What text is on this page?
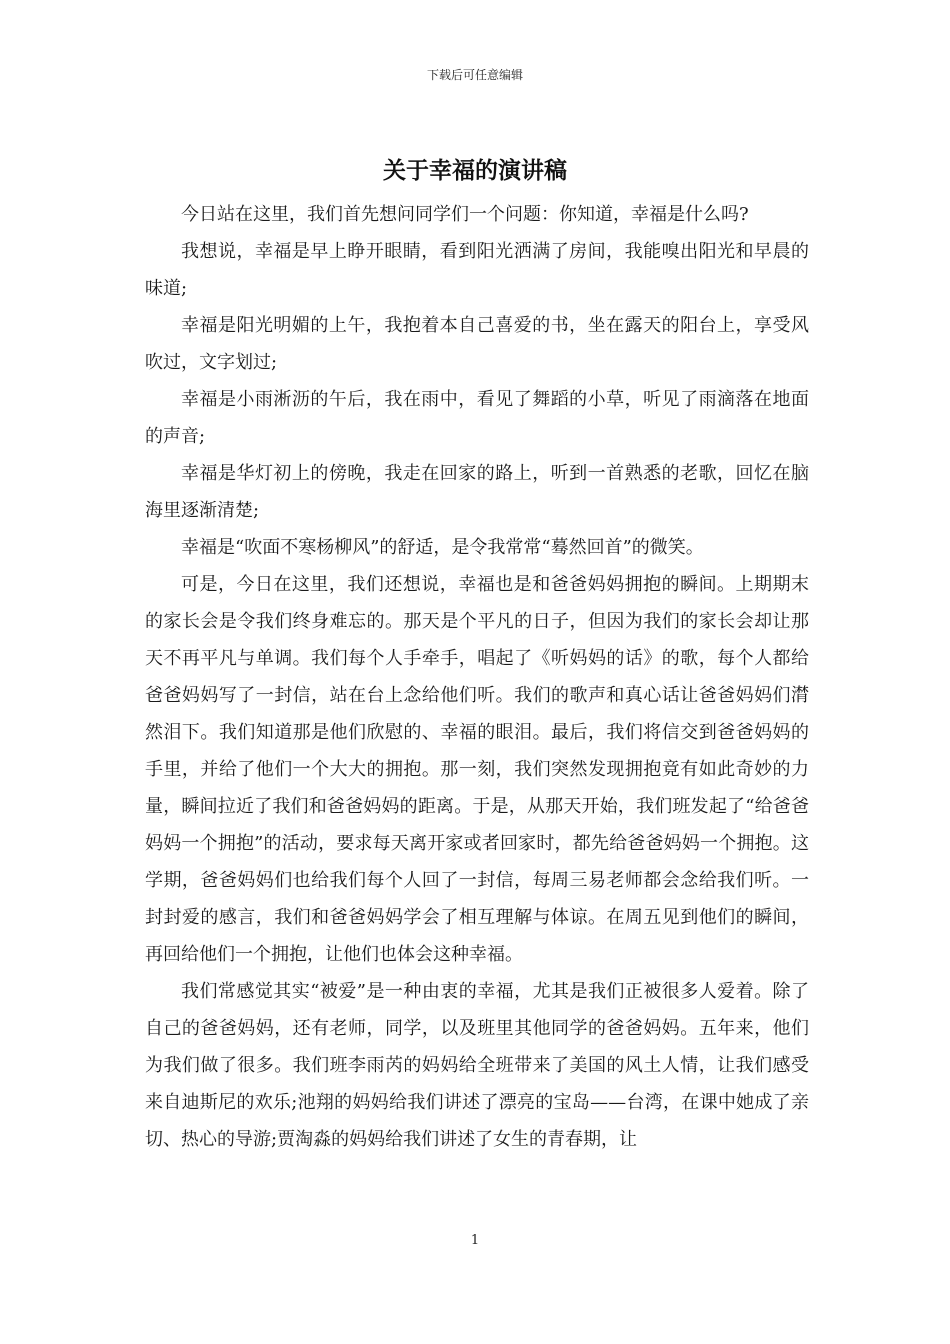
下载后可任意编辑
关于幸福的演讲稿

今日站在这里，我们首先想问同学们一个问题：你知道，幸福是什么吗?

我想说，幸福是早上睁开眼睛，看到阳光洒满了房间，我能嗅出阳光和早晨的味道;

幸福是阳光明媚的上午，我抱着本自己喜爱的书，坐在露天的阳台上，享受风吹过，文字划过;

幸福是小雨淅沥的午后，我在雨中，看见了舞蹈的小草，听见了雨滴落在地面的声音;

幸福是华灯初上的傍晚，我走在回家的路上，听到一首熟悉的老歌，回忆在脑海里逐渐清楚;

幸福是“吹面不寒杨柳风”的舒适，是令我常常“蓦然回首”的微笑。

可是，今日在这里，我们还想说，幸福也是和爸爸妈妈拥抱的瞬间。上期期末的家长会是令我们终身难忘的。那天是个平凡的日子，但因为我们的家长会却让那天不再平凡与单调。我们每个人手牵手，唱起了《听妈妈的话》的歌，每个人都给爸爸妈妈写了一封信，站在台上念给他们听。我们的歌声和真心话让爸爸妈妈们潸然泪下。我们知道那是他们欣慰的、幸福的眼泪。最后，我们将信交到爸爸妈妈的手里，并给了他们一个大大的拥抱。那一刻，我们突然发现拥抱竟有如此奇妙的力量，瞬间拉近了我们和爸爸妈妈的距离。于是，从那天开始，我们班发起了“给爸爸妈妈一个拥抱”的活动，要求每天离开家或者回家时，都先给爸爸妈妈一个拥抱。这学期，爸爸妈妈们也给我们每个人回了一封信，每周三易老师都会念给我们听。一封封爱的感言，我们和爸爸妈妈学会了相互理解与体谅。在周五见到他们的瞬间，再回给他们一个拥抱，让他们也体会这种幸福。

我们常感觉其实“被爱”是一种由衷的幸福，尤其是我们正被很多人爱着。除了自己的爸爸妈妈，还有老师，同学，以及班里其他同学的爸爸妈妈。五年来，他们为我们做了很多。我们班李雨芮的妈妈给全班带来了美国的风土人情，让我们感受来自迪斯尼的欢乐;池翔的妈妈给我们讲述了漂亮的宝岛——台湾，在课中她成了亲切、热心的导游;贾淘淼的妈妈给我们讲述了女生的青春期，让

1
